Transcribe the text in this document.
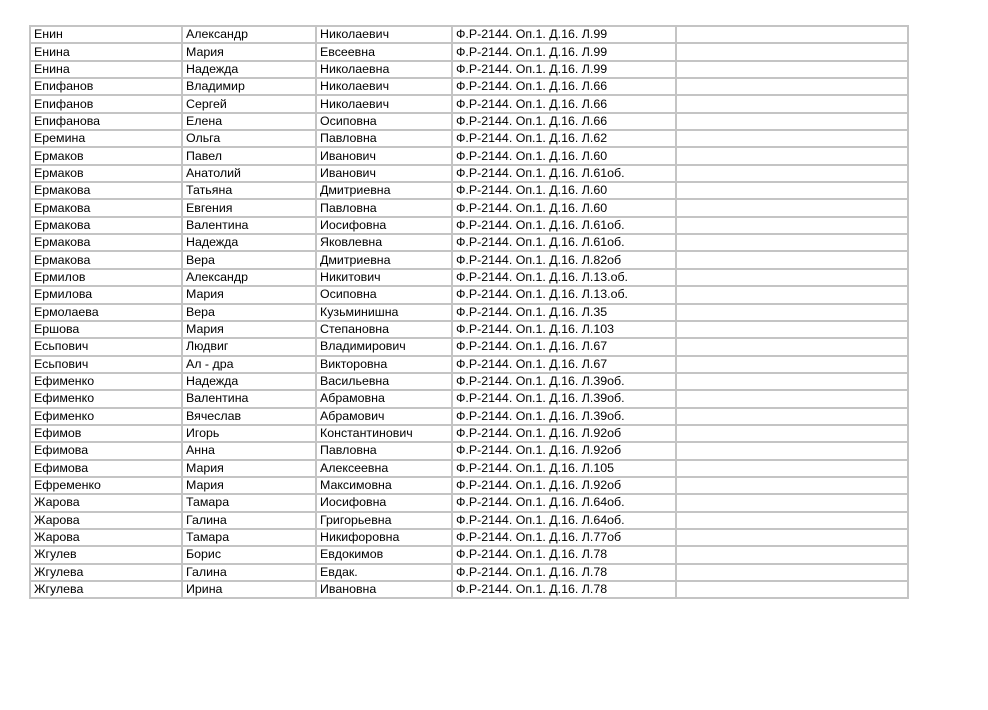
Енин	Александр	Николаевич	Ф.Р-2144. Оп.1. Д.16. Л.99	
Енина	Мария	Евсеевна	Ф.Р-2144. Оп.1. Д.16. Л.99	
Енина	Надежда	Николаевна	Ф.Р-2144. Оп.1. Д.16. Л.99	
Епифанов	Владимир	Николаевич	Ф.Р-2144. Оп.1. Д.16. Л.66	
Епифанов	Сергей	Николаевич	Ф.Р-2144. Оп.1. Д.16. Л.66	
Епифанова	Елена	Осиповна	Ф.Р-2144. Оп.1. Д.16. Л.66	
Еремина	Ольга	Павловна	Ф.Р-2144. Оп.1. Д.16. Л.62	
Ермаков	Павел	Иванович	Ф.Р-2144. Оп.1. Д.16. Л.60	
Ермаков	Анатолий	Иванович	Ф.Р-2144. Оп.1. Д.16. Л.61об.	
Ермакова	Татьяна	Дмитриевна	Ф.Р-2144. Оп.1. Д.16. Л.60	
Ермакова	Евгения	Павловна	Ф.Р-2144. Оп.1. Д.16. Л.60	
Ермакова	Валентина	Иосифовна	Ф.Р-2144. Оп.1. Д.16. Л.61об.	
Ермакова	Надежда	Яковлевна	Ф.Р-2144. Оп.1. Д.16. Л.61об.	
Ермакова	Вера	Дмитриевна	Ф.Р-2144. Оп.1. Д.16. Л.82об	
Ермилов	Александр	Никитович	Ф.Р-2144. Оп.1. Д.16. Л.13.об.	
Ермилова	Мария	Осиповна	Ф.Р-2144. Оп.1. Д.16. Л.13.об.	
Ермолаева	Вера	Кузьминишна	Ф.Р-2144. Оп.1. Д.16. Л.35	
Ершова	Мария	Степановна	Ф.Р-2144. Оп.1. Д.16. Л.103	
Есьпович	Людвиг	Владимирович	Ф.Р-2144. Оп.1. Д.16. Л.67	
Есьпович	Ал - дра	Викторовна	Ф.Р-2144. Оп.1. Д.16. Л.67	
Ефименко	Надежда	Васильевна	Ф.Р-2144. Оп.1. Д.16. Л.39об.	
Ефименко	Валентина	Абрамовна	Ф.Р-2144. Оп.1. Д.16. Л.39об.	
Ефименко	Вячеслав	Абрамович	Ф.Р-2144. Оп.1. Д.16. Л.39об.	
Ефимов	Игорь	Константинович	Ф.Р-2144. Оп.1. Д.16. Л.92об	
Ефимова	Анна	Павловна	Ф.Р-2144. Оп.1. Д.16. Л.92об	
Ефимова	Мария	Алексеевна	Ф.Р-2144. Оп.1. Д.16. Л.105	
Ефременко	Мария	Максимовна	Ф.Р-2144. Оп.1. Д.16. Л.92об	
Жарова	Тамара	Иосифовна	Ф.Р-2144. Оп.1. Д.16. Л.64об.	
Жарова	Галина	Григорьевна	Ф.Р-2144. Оп.1. Д.16. Л.64об.	
Жарова	Тамара	Никифоровна	Ф.Р-2144. Оп.1. Д.16. Л.77об	
Жгулев	Борис	Евдокимов	Ф.Р-2144. Оп.1. Д.16. Л.78	
Жгулева	Галина	Евдак.	Ф.Р-2144. Оп.1. Д.16. Л.78	
Жгулева	Ирина	Ивановна	Ф.Р-2144. Оп.1. Д.16. Л.78	
